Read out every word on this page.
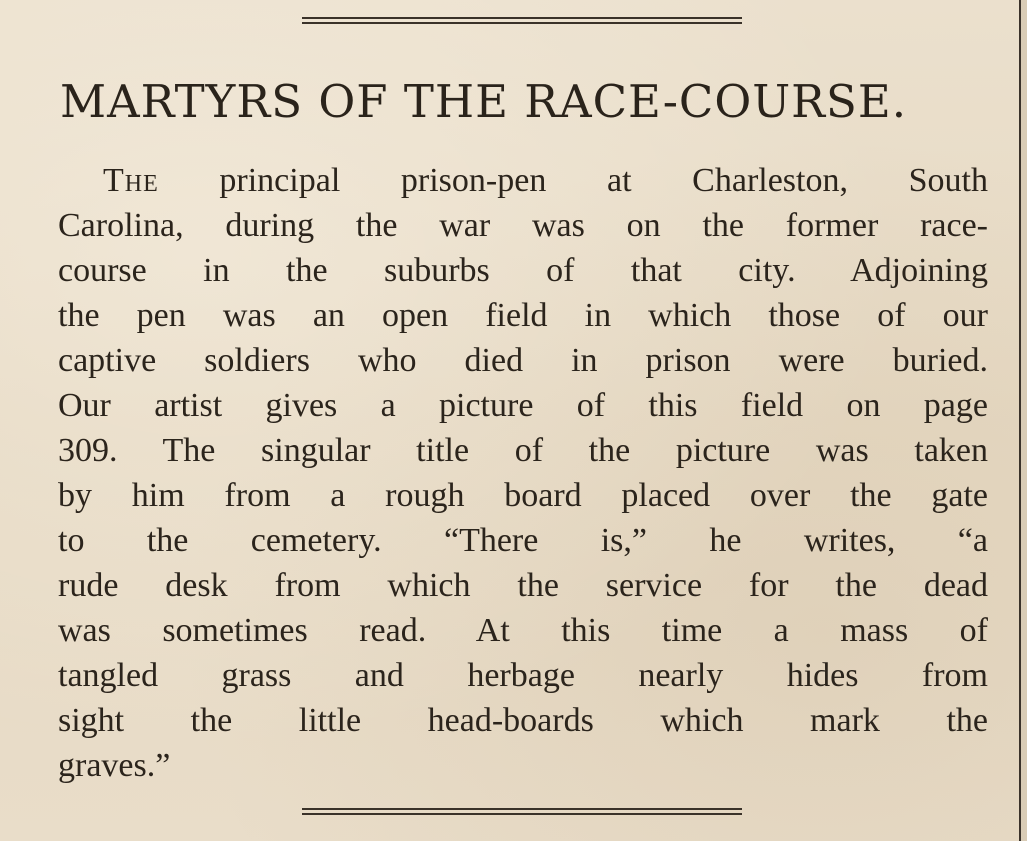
MARTYRS OF THE RACE-COURSE.
The principal prison-pen at Charleston, South
Carolina, during the war was on the former race-
course in the suburbs of that city. Adjoining
the pen was an open field in which those of our
captive soldiers who died in prison were buried.
Our artist gives a picture of this field on page
309. The singular title of the picture was taken
by him from a rough board placed over the gate
to the cemetery. “There is,” he writes, “a
rude desk from which the service for the dead
was sometimes read. At this time a mass of
tangled grass and herbage nearly hides from
sight the little head-boards which mark the
graves.”
